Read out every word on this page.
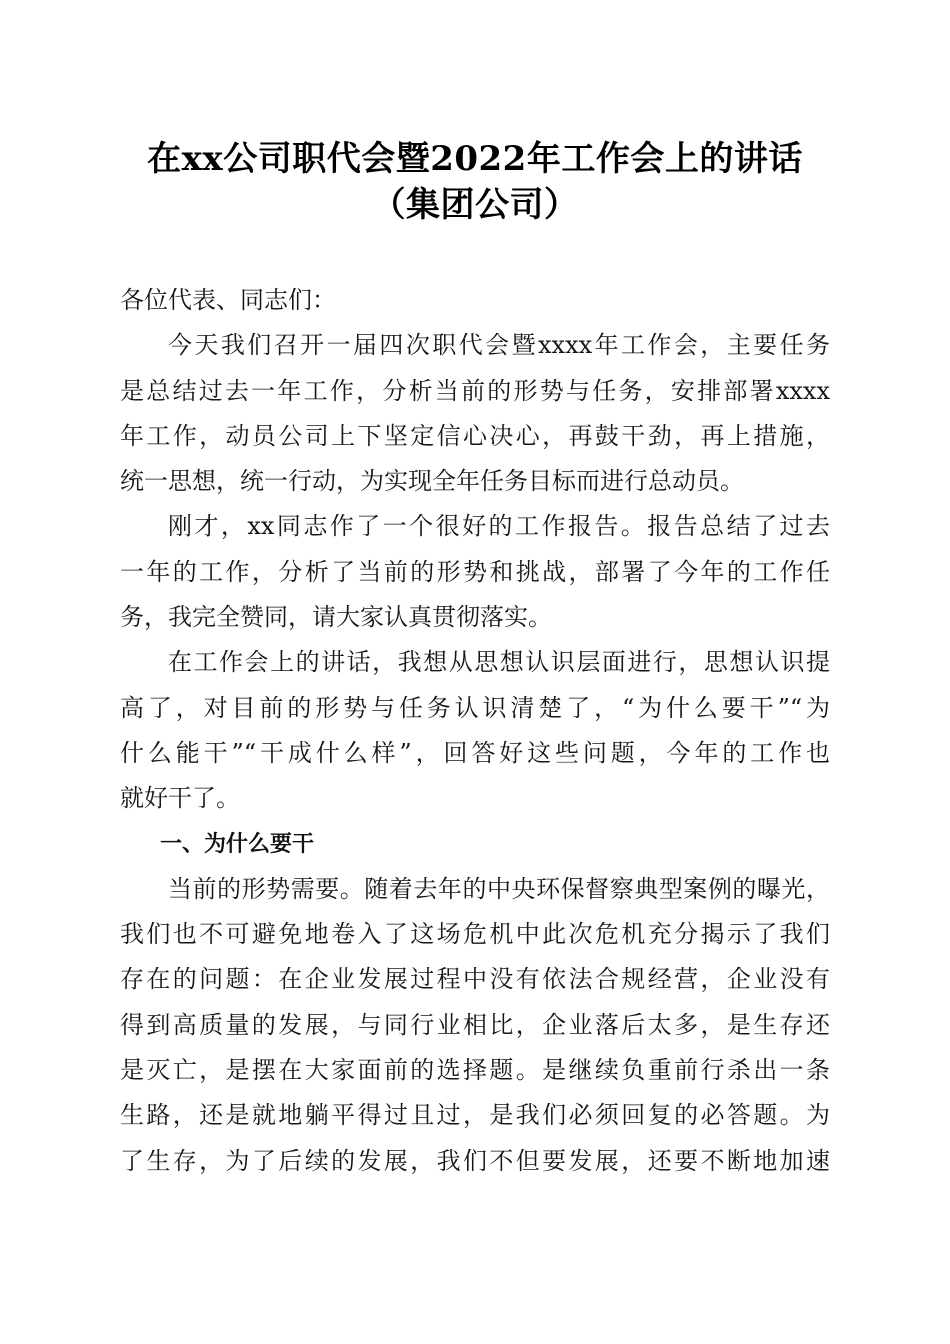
在xx公司职代会暨2022年工作会上的讲话
（集团公司）
各位代表、同志们：
今天我们召开一届四次职代会暨xxxx年工作会，主要任务
是总结过去一年工作，分析当前的形势与任务，安排部署xxxx
年工作，动员公司上下坚定信心决心，再鼓干劲，再上措施，
统一思想，统一行动，为实现全年任务目标而进行总动员。
刚才，xx同志作了一个很好的工作报告。报告总结了过去
一年的工作，分析了当前的形势和挑战，部署了今年的工作任
务，我完全赞同，请大家认真贯彻落实。
在工作会上的讲话，我想从思想认识层面进行，思想认识提
高了，对目前的形势与任务认识清楚了，“为什么要干”“为
什么能干”“干成什么样”，回答好这些问题，今年的工作也
就好干了。
一、为什么要干
当前的形势需要。随着去年的中央环保督察典型案例的曝光，
我们也不可避免地卷入了这场危机中此次危机充分揭示了我们
存在的问题：在企业发展过程中没有依法合规经营，企业没有
得到高质量的发展，与同行业相比，企业落后太多，是生存还
是灭亡，是摆在大家面前的选择题。是继续负重前行杀出一条
生路，还是就地躺平得过且过，是我们必须回复的必答题。为
了生存，为了后续的发展，我们不但要发展，还要不断地加速
